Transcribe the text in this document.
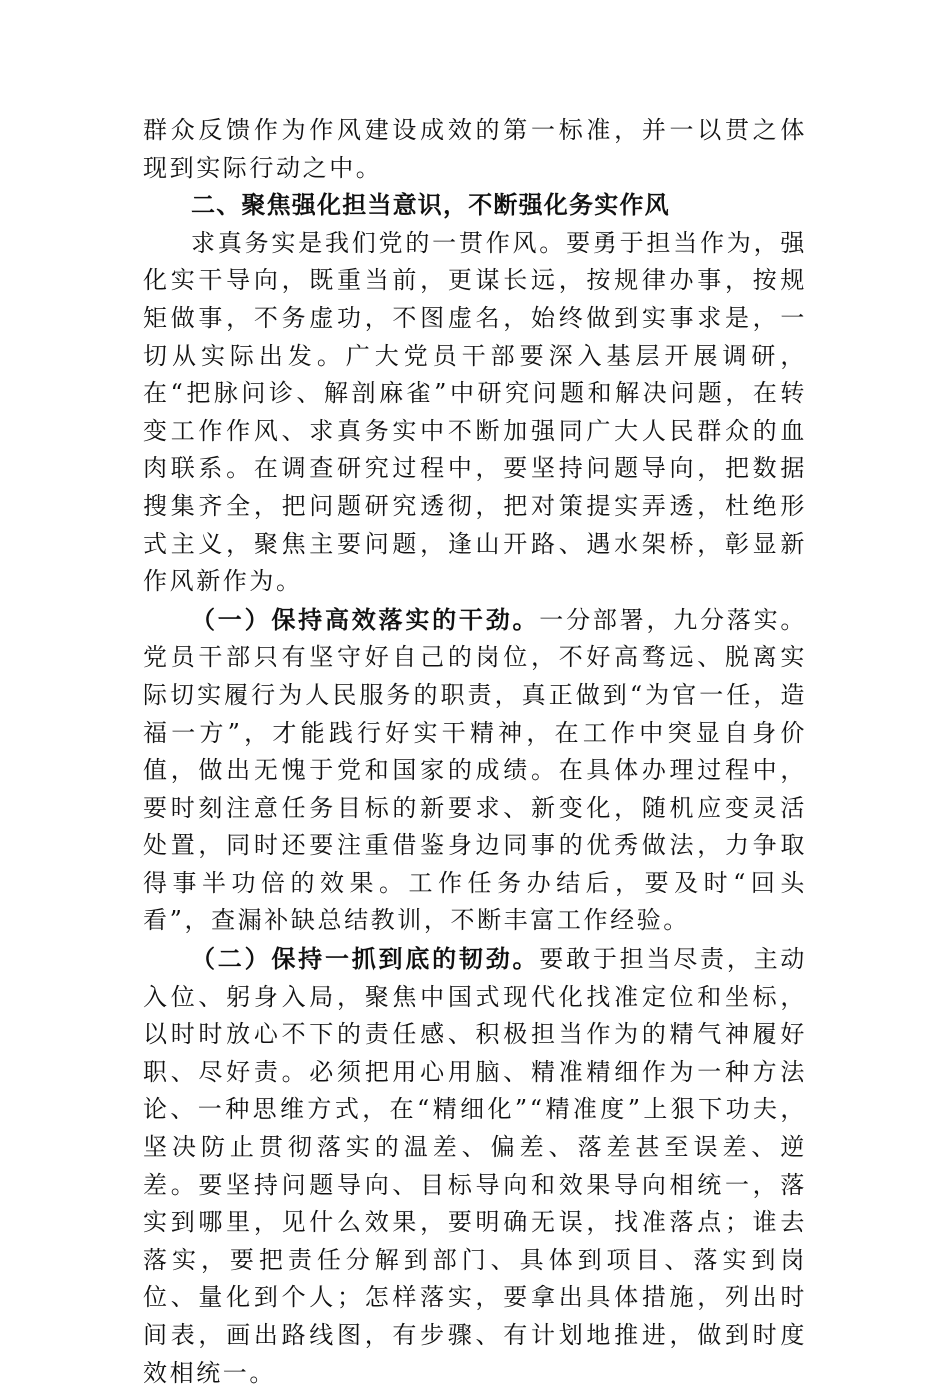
群众反馈作为作风建设成效的第一标准，并一以贯之体现到实际行动之中。

二、聚焦强化担当意识，不断强化务实作风

求真务实是我们党的一贯作风。要勇于担当作为，强化实干导向，既重当前，更谋长远，按规律办事，按规矩做事，不务虚功，不图虚名，始终做到实事求是，一切从实际出发。广大党员干部要深入基层开展调研，在“把脉问诊、解剖麻雀”中研究问题和解决问题，在转变工作作风、求真务实中不断加强同广大人民群众的血肉联系。在调查研究过程中，要坚持问题导向，把数据搜集齐全，把问题研究透彻，把对策提实弄透，杜绝形式主义，聚焦主要问题，逢山开路、遇水架桥，彰显新作风新作为。

（一）保持高效落实的干劲。一分部署，九分落实。党员干部只有坚守好自己的岗位，不好高骛远、脱离实际切实履行为人民服务的职责，真正做到“为官一任，造福一方”，才能践行好实干精神，在工作中突显自身价值，做出无愧于党和国家的成绩。在具体办理过程中，要时刻注意任务目标的新要求、新变化，随机应变灵活处置，同时还要注重借鉴身边同事的优秀做法，力争取得事半功倍的效果。工作任务办结后，要及时“回头看”，查漏补缺总结教训，不断丰富工作经验。

（二）保持一抓到底的韧劲。要敢于担当尽责，主动入位、躬身入局，聚焦中国式现代化找准定位和坐标，以时时放心不下的责任感、积极担当作为的精气神履好职、尽好责。必须把用心用脑、精准精细作为一种方法论、一种思维方式，在“精细化”“精准度”上狠下功夫，坚决防止贯彻落实的温差、偏差、落差甚至误差、逆差。要坚持问题导向、目标导向和效果导向相统一，落实到哪里，见什么效果，要明确无误，找准落点；谁去落实，要把责任分解到部门、具体到项目、落实到岗位、量化到个人；怎样落实，要拿出具体措施，列出时间表，画出路线图，有步骤、有计划地推进，做到时度效相统一。
